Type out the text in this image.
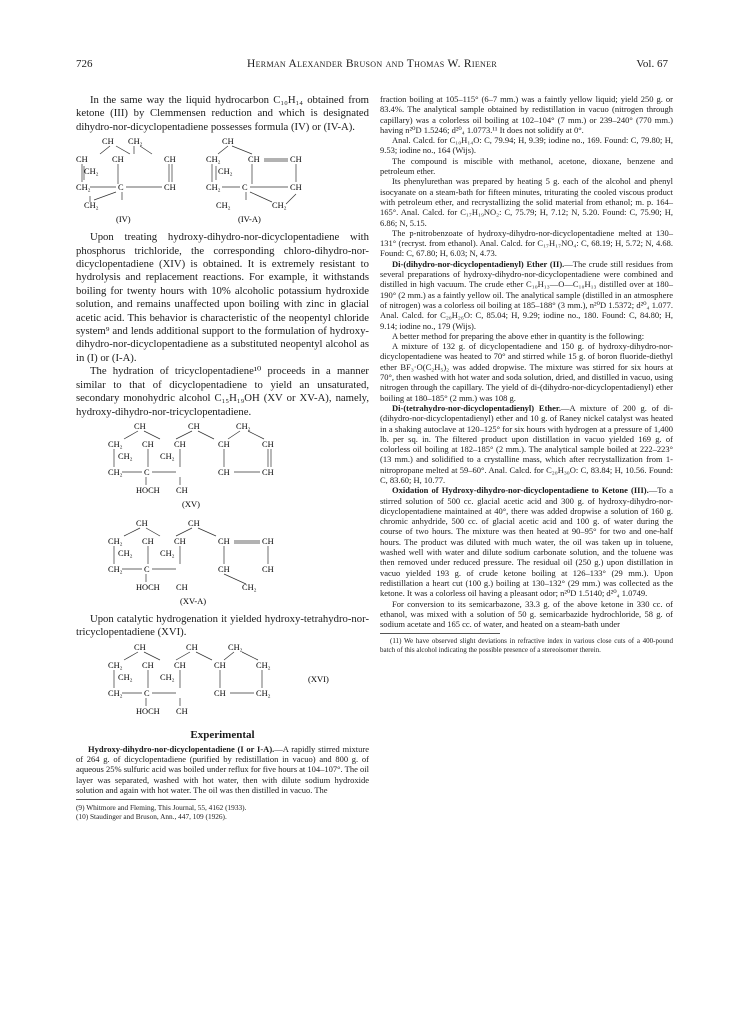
726	Herman Alexander Bruson and Thomas W. Riener	Vol. 67

In the same way the liquid hydrocarbon C₁₀H₁₄ obtained from ketone (III) by Clemmensen reduction and which is designated dihydro-nor-dicyclopentadiene possesses formula (IV) or (IV-A).

CH CH₂
CH	CH	CH
CH₂
CH₂	C	CH
CH₂
CH
CH₂	CH	CH
CH₂
CH₂	C	CH
CH₂	CH₂
(IV)	(IV-A)

Upon treating hydroxy-dihydro-nor-dicyclopentadiene with phosphorus trichloride, the corresponding chloro-dihydro-nor-dicyclopentadiene (XIV) is obtained. It is extremely resistant to hydrolysis and replacement reactions. For example, it withstands boiling for twenty hours with 10% alcoholic potassium hydroxide solution, and remains unaffected upon boiling with zinc in glacial acetic acid. This behavior is characteristic of the neopentyl chloride system⁹ and lends additional support to the formulation of hydroxy-dihydro-nor-dicyclopentadiene as a substituted neopentyl alcohol as in (I) or (I-A).

The hydration of tricyclopentadiene¹⁰ proceeds in a manner similar to that of dicyclopentadiene to yield an unsaturated, secondary monohydric alcohol C₁₅H₁₉OH (XV or XV-A), namely, hydroxy-dihydro-nor-tricyclopentadiene.

CH	CH	CH₂
CH₂ CH CH	CH	CH
CH₂	CH₂
CH₂	C	CH	CH
HOCH CH
(XV)

CH	CH
CH₂ CH CH	CH	CH
CH₂	CH₂
CH₂	C	CH	CH
HOCH CH	CH₂
(XV-A)

Upon catalytic hydrogenation it yielded hydroxy-tetrahydro-nor-tricyclopentadiene (XVI).

CH	CH	CH₂
CH₂ CH CH	CH	CH₂
CH₂	CH₂
CH₂	C	CH	CH₂
HOCH CH
(XVI)
Experimental

Hydroxy-dihydro-nor-dicyclopentadiene (I or I-A).—A rapidly stirred mixture of 264 g. of dicyclopentadiene (purified by redistillation in vacuo) and 800 g. of aqueous 25% sulfuric acid was boiled under reflux for five hours at 104–107°. The oil layer was separated, washed with hot water, then with dilute sodium hydroxide solution and again with hot water. The oil was then distilled in vacuo. The

(9) Whitmore and Fleming, This Journal, 55, 4162 (1933).

(10) Staudinger and Bruson, Ann., 447, 109 (1926).

fraction boiling at 105–115° (6–7 mm.) was a faintly yellow liquid; yield 250 g. or 83.4%. The analytical sample obtained by redistillation in vacuo (nitrogen through capillary) was a colorless oil boiling at 102–104° (7 mm.) or 239–240° (770 mm.) having n²⁰D 1.5246; d²⁰₄ 1.0773.¹¹ It does not solidify at 0°.

Anal. Calcd. for C₁₀H₁₄O: C, 79.94; H, 9.39; iodine no., 169. Found: C, 79.80; H, 9.53; iodine no., 164 (Wijs).

The compound is miscible with methanol, acetone, dioxane, benzene and petroleum ether.

Its phenylurethan was prepared by heating 5 g. each of the alcohol and phenyl isocyanate on a steam-bath for fifteen minutes, triturating the cooled viscous product with petroleum ether, and recrystallizing the solid material from ethanol; m. p. 164–165°. Anal. Calcd. for C₁₇H₁₉NO₂: C, 75.79; H, 7.12; N, 5.20. Found: C, 75.90; H, 6.86; N, 5.15.

The p-nitrobenzoate of hydroxy-dihydro-nor-dicyclopentadiene melted at 130–131° (recryst. from ethanol). Anal. Calcd. for C₁₇H₁₇NO₄: C, 68.19; H, 5.72; N, 4.68. Found: C, 67.80; H, 6.03; N, 4.73.

Di-(dihydro-nor-dicyclopentadienyl) Ether (II).—The crude still residues from several preparations of hydroxy-dihydro-nor-dicyclopentadiene were combined and distilled in high vacuum. The crude ether C₁₀H₁₃—O—C₁₀H₁₃ distilled over at 180–190° (2 mm.) as a faintly yellow oil. The analytical sample (distilled in an atmosphere of nitrogen) was a colorless oil boiling at 185–188° (3 mm.), n²⁰D 1.5372; d²⁰₄ 1.077. Anal. Calcd. for C₂₀H₂₆O: C, 85.04; H, 9.29; iodine no., 180. Found: C, 84.80; H, 9.14; iodine no., 179 (Wijs).

A better method for preparing the above ether in quantity is the following:

A mixture of 132 g. of dicyclopentadiene and 150 g. of hydroxy-dihydro-nor-dicyclopentadiene was heated to 70° and stirred while 15 g. of boron fluoride-diethyl ether BF₃·O(C₂H₅)₂ was added dropwise. The mixture was stirred for six hours at 70°, then washed with hot water and soda solution, dried, and distilled in vacuo, using nitrogen through the capillary. The yield of di-(dihydro-nor-dicyclopentadienyl) ether boiling at 180–185° (2 mm.) was 108 g.

Di-(tetrahydro-nor-dicyclopentadienyl) Ether.—A mixture of 200 g. of di-(dihydro-nor-dicyclopentadienyl) ether and 10 g. of Raney nickel catalyst was heated in a shaking autoclave at 120–125° for six hours with hydrogen at a pressure of 1,400 lb. per sq. in. The filtered product upon distillation in vacuo yielded 169 g. of colorless oil boiling at 182–185° (2 mm.). The analytical sample boiled at 222–223° (13 mm.) and solidified to a crystalline mass, which after recrystallization from 1-nitropropane melted at 59–60°. Anal. Calcd. for C₂₀H₃₀O: C, 83.84; H, 10.56. Found: C, 83.60; H, 10.77.

Oxidation of Hydroxy-dihydro-nor-dicyclopentadiene to Ketone (III).—To a stirred solution of 500 cc. glacial acetic acid and 300 g. of hydroxy-dihydro-nor-dicyclopentadiene maintained at 40°, there was added dropwise a solution of 160 g. chromic anhydride, 500 cc. of glacial acetic acid and 100 g. of water during the course of two hours. The mixture was then heated at 90–95° for two and one-half hours. The product was diluted with much water, the oil was taken up in toluene, washed well with water and dilute sodium carbonate solution, and the toluene was then removed under reduced pressure. The residual oil (250 g.) upon distillation in vacuo yielded 193 g. of crude ketone boiling at 126–133° (29 mm.). Upon redistillation a heart cut (100 g.) boiling at 130–132° (29 mm.) was collected as the ketone. It was a colorless oil having a pleasant odor; n²⁰D 1.5140; d²⁰₄ 1.0749.

For conversion to its semicarbazone, 33.3 g. of the above ketone in 330 cc. of ethanol, was mixed with a solution of 50 g. semicarbazide hydrochloride, 58 g. of sodium acetate and 165 cc. of water, and heated on a steam-bath under

(11) We have observed slight deviations in refractive index in various close cuts of a 400-pound batch of this alcohol indicating the possible presence of a stereoisomer therein.
